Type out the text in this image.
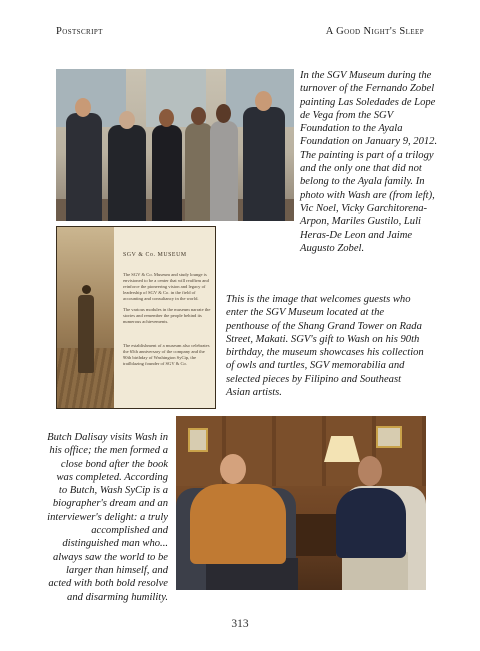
Postscript	A Good Night's Sleep
In the SGV Museum during the turnover of the Fernando Zobel painting Las Soledades de Lope de Vega from the SGV Foundation to the Ayala Foundation on January 9, 2012. The painting is part of a trilogy and the only one that did not belong to the Ayala family. In photo with Wash are (from left), Vic Noel, Vicky Garchitorena-Arpon, Mariles Gustilo, Luli Heras-De Leon and Jaime Augusto Zobel.
SGV & Co. MUSEUM
The SGV & Co. Museum and study lounge is envisioned to be a center that will reaffirm and reinforce the pioneering vision and legacy of leadership of SGV & Co. in the field of accounting and consultancy in the world.
The various modules in the museum narrate the stories and remember the people behind its numerous achievements.
The establishment of a museum also celebrates the 65th anniversary of the company and the 90th birthday of Washington SyCip, the trailblazing founder of SGV & Co.
This is the image that welcomes guests who enter the SGV Museum located at the penthouse of the Shang Grand Tower on Rada Street, Makati. SGV's gift to Wash on his 90th birthday, the museum showcases his collection of owls and turtles, SGV memorabilia and selected pieces by Filipino and Southeast Asian artists.
Butch Dalisay visits Wash in his office; the men formed a close bond after the book was completed. According to Butch, Wash SyCip is a biographer's dream and an interviewer's delight: a truly accomplished and distinguished man who... always saw the world to be larger than himself, and acted with both bold resolve and disarming humility.
313
